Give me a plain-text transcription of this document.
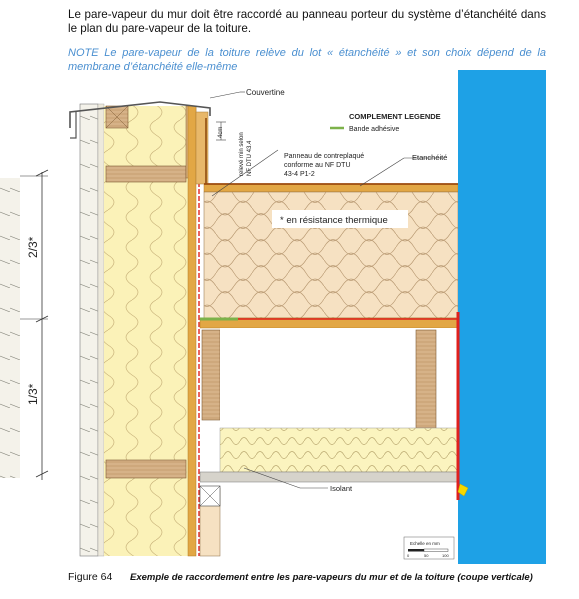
Le pare-vapeur du mur doit être raccordé au panneau porteur du système d’étanchéité dans le plan du pare-vapeur de la toiture.
NOTE Le pare-vapeur de la toiture relève du lot « étanchéité » et son choix dépend de la membrane d’étanchéité elle-même
2/3*
1/3*
Couvertine
4cm	relevé min selon NF DTU 43.4
COMPLEMENT LEGENDE
Bande adhésive
Panneau de contreplaqué
conforme au NF DTU
43-4 P1-2
Etanchéité
* en résistance thermique
Isolant
Echelle en mm
0	50	100
Figure 64 Exemple de raccordement entre les pare-vapeurs du mur et de la toiture (coupe verticale)
